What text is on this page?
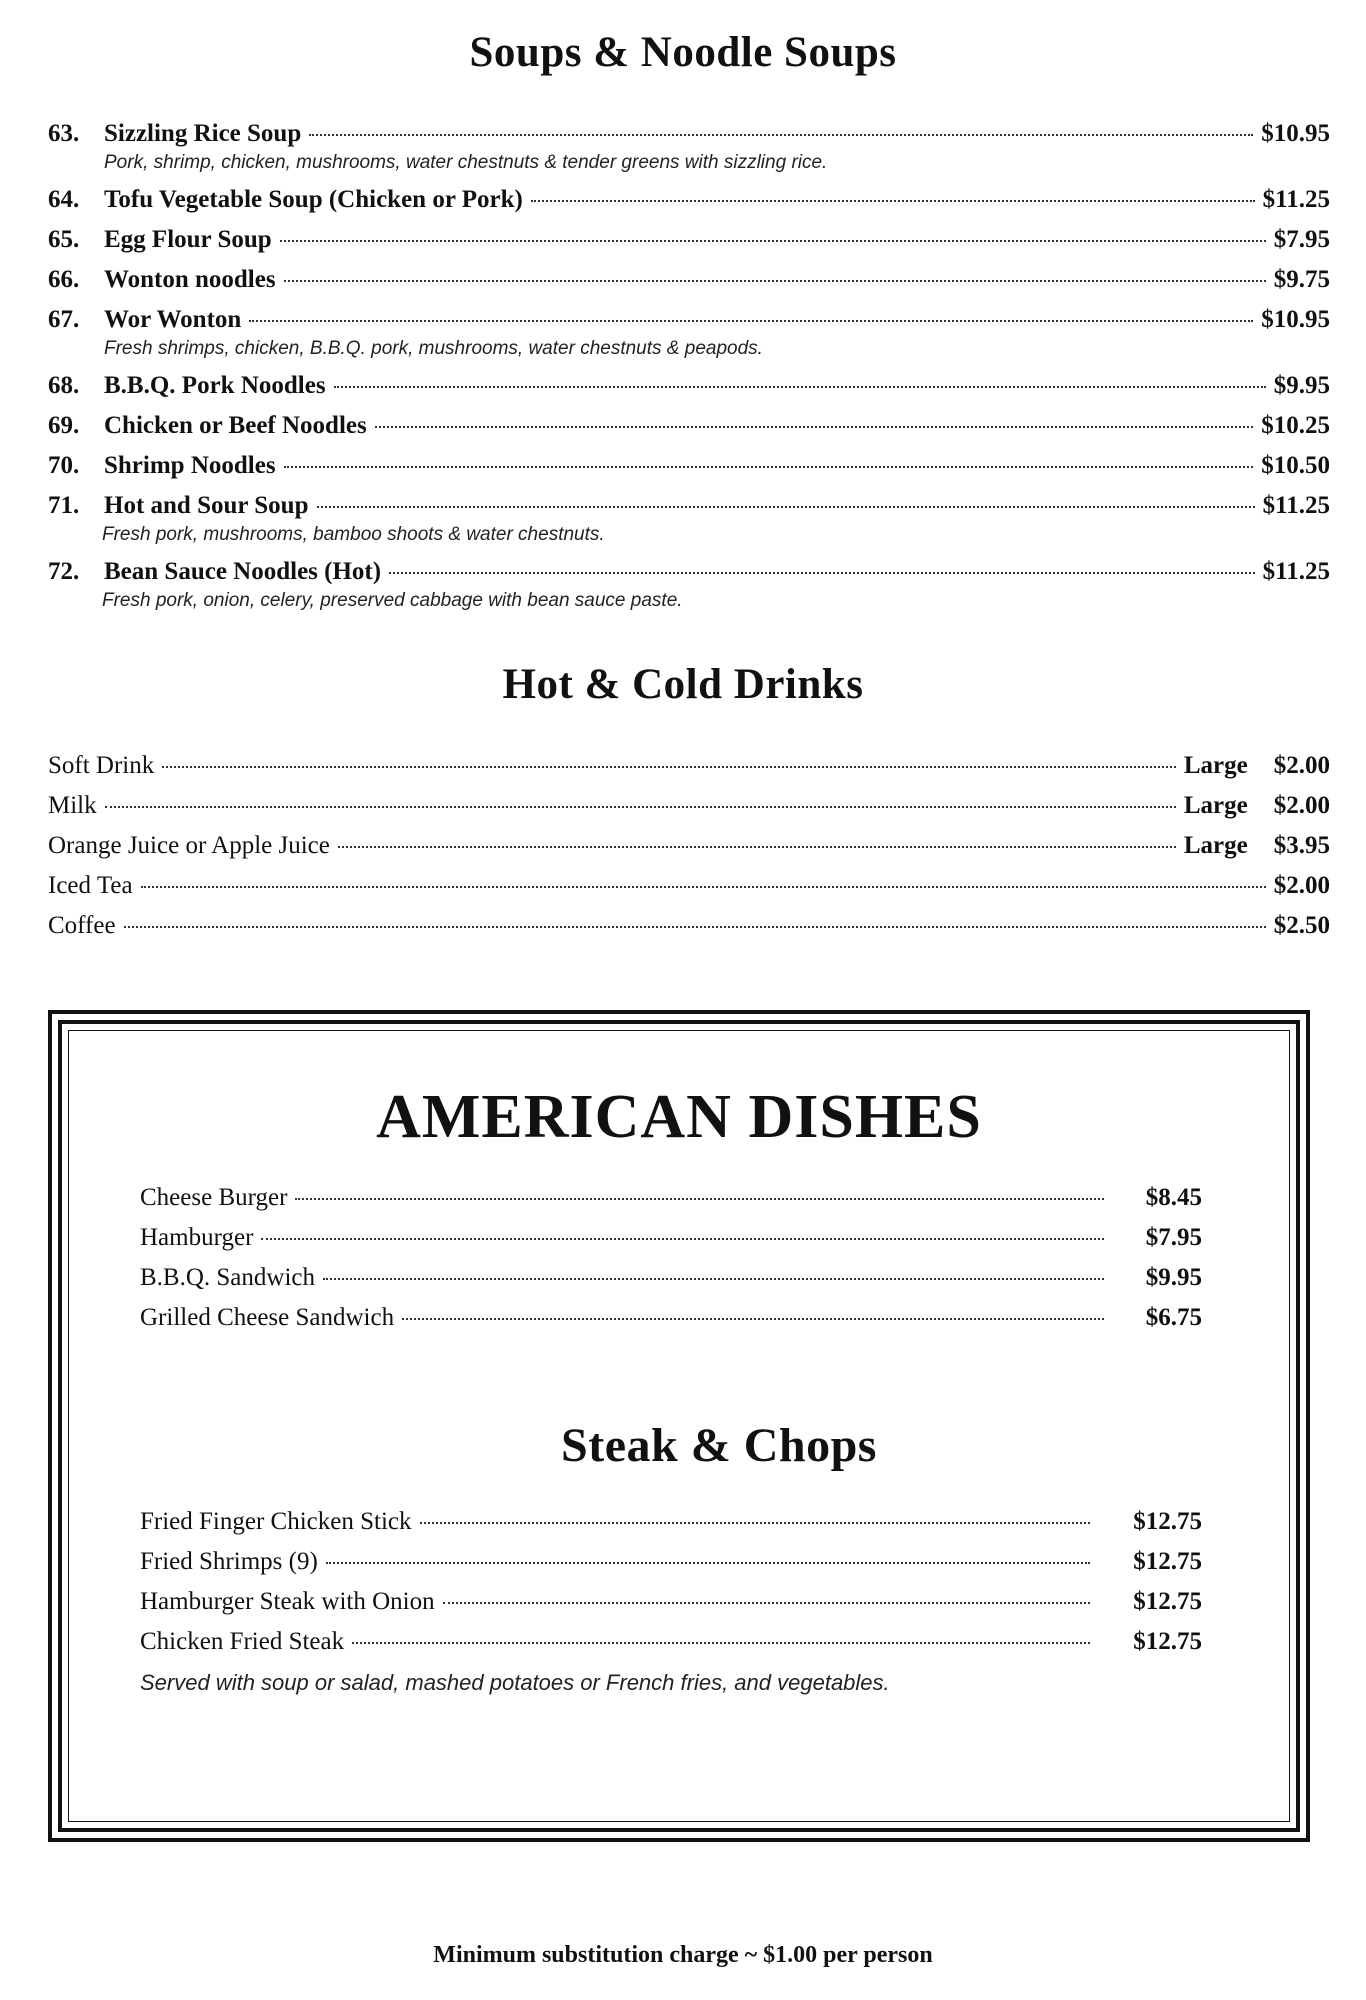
Soups & Noodle Soups
63. Sizzling Rice Soup	$10.95
Pork, shrimp, chicken, mushrooms, water chestnuts & tender greens with sizzling rice.
64. Tofu Vegetable Soup (Chicken or Pork)	$11.25
65. Egg Flour Soup	$7.95
66. Wonton noodles	$9.75
67. Wor Wonton	$10.95
Fresh shrimps, chicken, B.B.Q. pork, mushrooms, water chestnuts & peapods.
68. B.B.Q. Pork Noodles	$9.95
69. Chicken or Beef Noodles	$10.25
70. Shrimp Noodles	$10.50
71. Hot and Sour Soup	$11.25
Fresh pork, mushrooms, bamboo shoots & water chestnuts.
72. Bean Sauce Noodles (Hot)	$11.25
Fresh pork, onion, celery, preserved cabbage with bean sauce paste.
Hot & Cold Drinks
Soft Drink	Large $2.00
Milk	Large $2.00
Orange Juice or Apple Juice	Large $3.95
Iced Tea	$2.00
Coffee	$2.50
AMERICAN DISHES
Cheese Burger	$8.45
Hamburger	$7.95
B.B.Q. Sandwich	$9.95
Grilled Cheese Sandwich	$6.75
Steak & Chops
Fried Finger Chicken Stick	$12.75
Fried Shrimps (9)	$12.75
Hamburger Steak with Onion	$12.75
Chicken Fried Steak	$12.75
Served with soup or salad, mashed potatoes or French fries, and vegetables.
Minimum substitution charge ~ $1.00 per person
